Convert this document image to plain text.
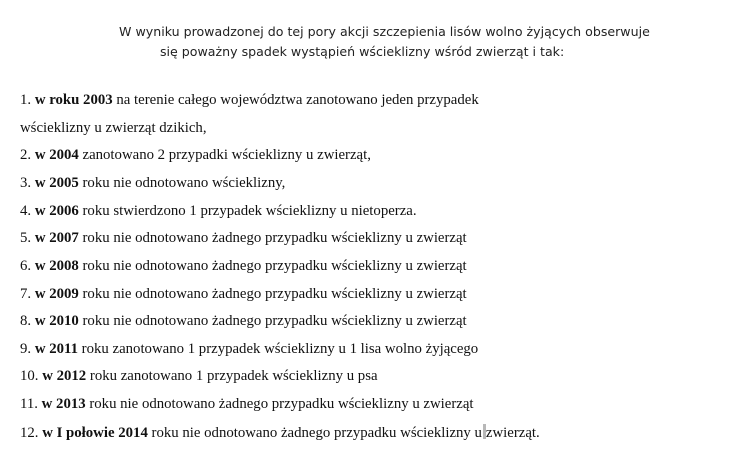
W wyniku prowadzonej do tej pory akcji szczepienia lisów wolno żyjących obserwuje
się poważny spadek wystąpień wścieklizny wśród zwierząt i tak:
1. w roku 2003 na terenie całego województwa zanotowano jeden przypadek
wścieklizny u zwierząt dzikich,
2. w 2004 zanotowano 2 przypadki wścieklizny u zwierząt,
3. w 2005 roku nie odnotowano wścieklizny,
4. w 2006 roku stwierdzono 1 przypadek wścieklizny u nietoperza.
5. w 2007 roku nie odnotowano żadnego przypadku wścieklizny u zwierząt
6. w 2008 roku nie odnotowano żadnego przypadku wścieklizny u zwierząt
7. w 2009 roku nie odnotowano żadnego przypadku wścieklizny u zwierząt
8. w 2010 roku nie odnotowano żadnego przypadku wścieklizny u zwierząt
9. w 2011 roku zanotowano 1 przypadek wścieklizny u 1 lisa wolno żyjącego
10. w 2012 roku zanotowano 1 przypadek wścieklizny u psa
11. w 2013 roku nie odnotowano żadnego przypadku wścieklizny u zwierząt
12. w I połowie 2014 roku nie odnotowano żadnego przypadku wścieklizny u zwierząt.
